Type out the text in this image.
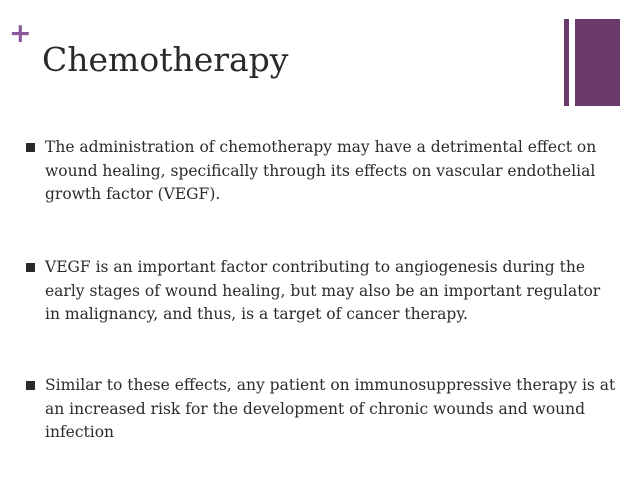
+
Chemotherapy
The administration of chemotherapy may have a detrimental effect on wound healing, specifically through its effects on vascular endothelial growth factor (VEGF).
VEGF is an important factor contributing to angiogenesis during the early stages of wound healing, but may also be an important regulator in malignancy, and thus, is a target of cancer therapy.
Similar to these effects, any patient on immunosuppressive therapy is at an increased risk for the development of chronic wounds and wound infection
